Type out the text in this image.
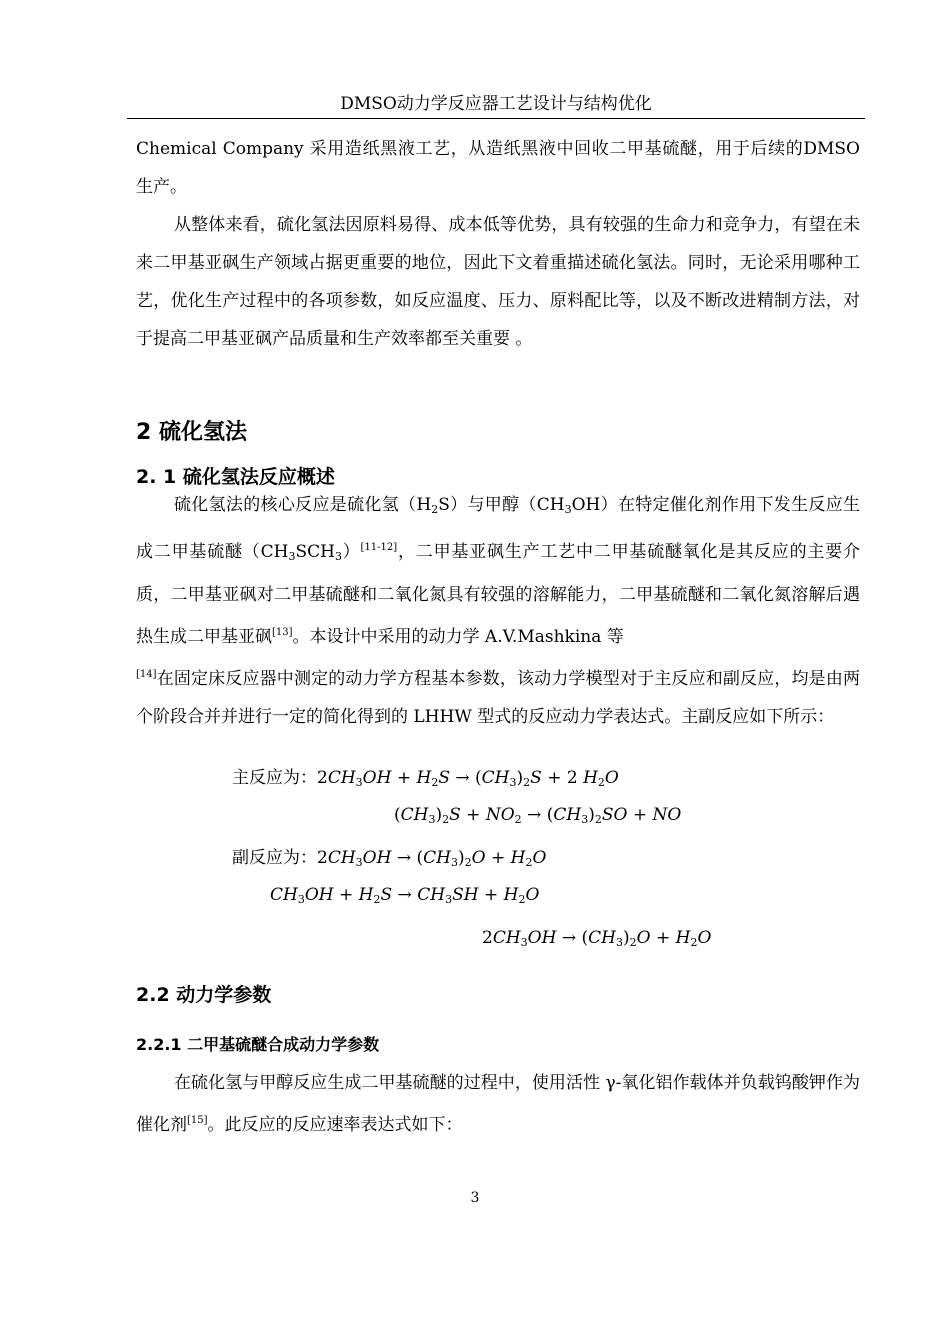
DMSO动力学反应器工艺设计与结构优化

Chemical Company 采用造纸黑液工艺，从造纸黑液中回收二甲基硫醚，用于后续的DMSO 生产。

从整体来看，硫化氢法因原料易得、成本低等优势，具有较强的生命力和竞争力，有望在未来二甲基亚砜生产领域占据更重要的地位，因此下文着重描述硫化氢法。同时，无论采用哪种工艺，优化生产过程中的各项参数，如反应温度、压力、原料配比等，以及不断改进精制方法，对于提高二甲基亚砜产品质量和生产效率都至关重要 。

2 硫化氢法
2. 1 硫化氢法反应概述

硫化氢法的核心反应是硫化氢$(H_2S)$与甲醇$(CH_3OH)$在特定催化剂作用下发生反应生成二甲基硫醚$(CH_3SCH_3)[11-12]$，二甲基亚砜生产工艺中二甲基硫醚氧化是其反应的主要介质，二甲基亚砜对二甲基硫醚和二氧化氮具有较强的溶解能力，二甲基硫醚和二氧化氮溶解后遇热生成二甲基亚砜[13]。本设计中采用的动力学 A.V.Mashkina 等
[14]在固定床反应器中测定的动力学方程基本参数，该动力学模型对于主反应和副反应，均是由两个阶段合并并进行一定的简化得到的 LHHW 型式的反应动力学表达式。主副反应如下所示：

主反应为：$2CH_3OH + H_2S \to (CH_3)_2S + 2$ $H_2O$
$(CH_3)_2S + NO_2 \to (CH_3)_2SO$ + NO
副反应为：$2CH_3OH \to (CH_3)_2O + H_2O$
$CH_3OH + H_2S \to CH_3SH + H_2O$
$2CH_3OH \to (CH_3)_2O + H_2O$
2.2 动力学参数
2.2.1 二甲基硫醚合成动力学参数

在硫化氢与甲醇反应生成二甲基硫醚的过程中，使用活性 γ-氧化铝作载体并负载钨酸钾作为催化剂[15]。此反应的反应速率表达式如下：

3
